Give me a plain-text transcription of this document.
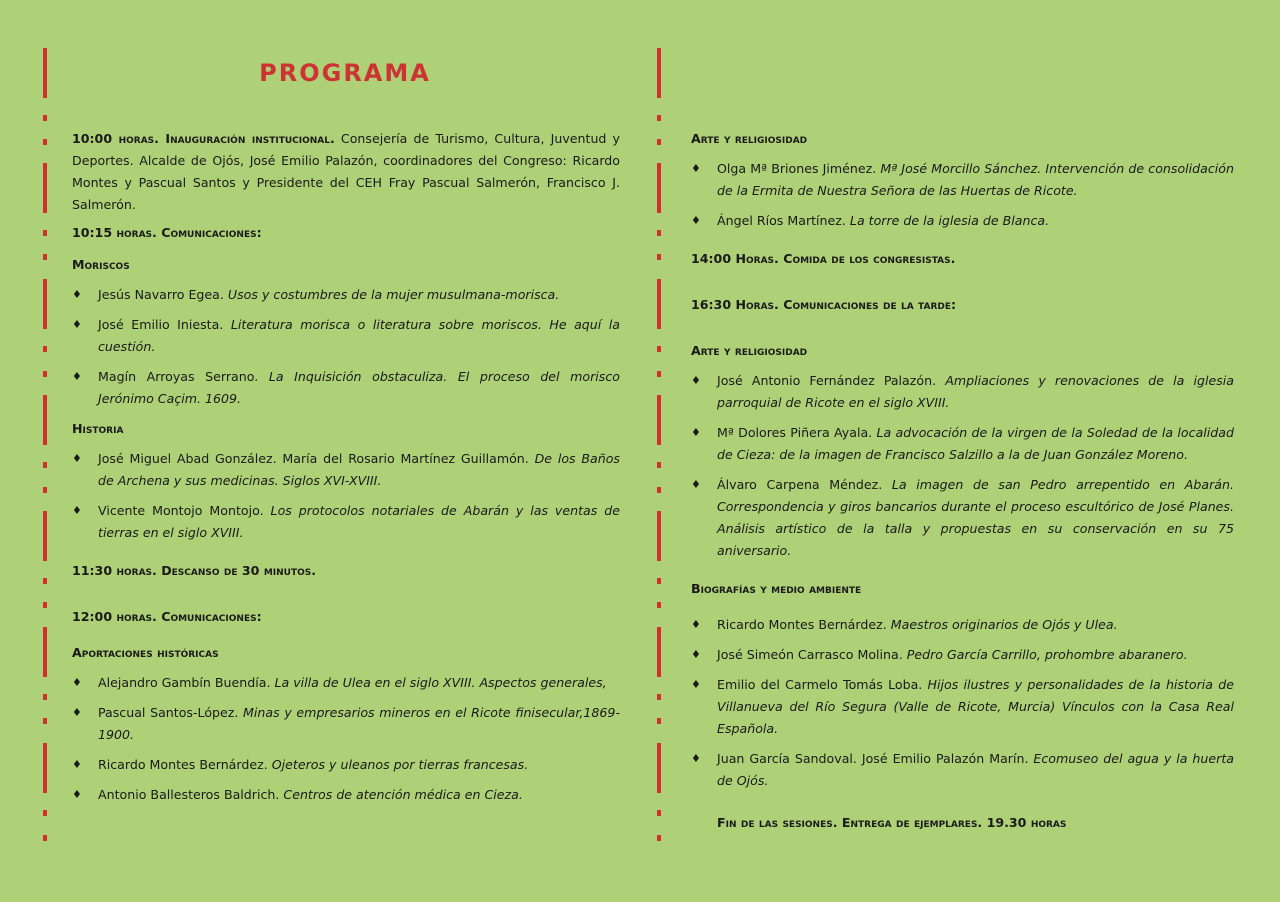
PROGRAMA

10:00 horas. Inauguración institucional. Consejería de Turismo, Cultura, Juventud y Deportes. Alcalde de Ojós, José Emilio Palazón, coordinadores del Congreso: Ricardo Montes y Pascual Santos y Presidente del CEH Fray Pascual Salmerón, Francisco J. Salmerón.

10:15 horas. Comunicaciones:

Moriscos

♦ Jesús Navarro Egea. Usos y costumbres de la mujer musulmana-morisca.

♦ José Emilio Iniesta. Literatura morisca o literatura sobre moriscos. He aquí la cuestión.

♦ Magín Arroyas Serrano. La Inquisición obstaculiza. El proceso del morisco Jerónimo Caçim. 1609.

Historia

♦ José Miguel Abad González. María del Rosario Martínez Guillamón. De los Baños de Archena y sus medicinas. Siglos XVI-XVIII.

♦ Vicente Montojo Montojo. Los protocolos notariales de Abarán y las ventas de tierras en el siglo XVIII.

11:30 horas. Descanso de 30 minutos.

12:00 horas. Comunicaciones:

Aportaciones históricas

♦ Alejandro Gambín Buendía. La villa de Ulea en el siglo XVIII. Aspectos generales,

♦ Pascual Santos-López. Minas y empresarios mineros en el Ricote finisecular,1869-1900.

♦ Ricardo Montes Bernárdez. Ojeteros y uleanos por tierras francesas.

♦ Antonio Ballesteros Baldrich. Centros de atención médica en Cieza.

Arte y religiosidad

♦ Olga Mª Briones Jiménez. Mª José Morcillo Sánchez. Intervención de consolidación de la Ermita de Nuestra Señora de las Huertas de Ricote.

♦ Ángel Ríos Martínez. La torre de la iglesia de Blanca.

14:00 Horas. Comida de los congresistas.

16:30 Horas. Comunicaciones de la tarde:

Arte y religiosidad

♦ José Antonio Fernández Palazón. Ampliaciones y renovaciones de la iglesia parroquial de Ricote en el siglo XVIII.

♦ Mª Dolores Piñera Ayala. La advocación de la virgen de la Soledad de la localidad de Cieza: de la imagen de Francisco Salzillo a la de Juan González Moreno.

♦ Álvaro Carpena Méndez. La imagen de san Pedro arrepentido en Abarán. Correspondencia y giros bancarios durante el proceso escultórico de José Planes. Análisis artístico de la talla y propuestas en su conservación en su 75 aniversario.

Biografías y medio ambiente

♦ Ricardo Montes Bernárdez. Maestros originarios de Ojós y Ulea.

♦ José Simeón Carrasco Molina. Pedro García Carrillo, prohombre abaranero.

♦ Emilio del Carmelo Tomás Loba. Hijos ilustres y personalidades de la historia de Villanueva del Río Segura (Valle de Ricote, Murcia) Vínculos con la Casa Real Española.

♦ Juan García Sandoval. José Emilio Palazón Marín. Ecomuseo del agua y la huerta de Ojós.

Fin de las sesiones. Entrega de ejemplares. 19.30 horas
